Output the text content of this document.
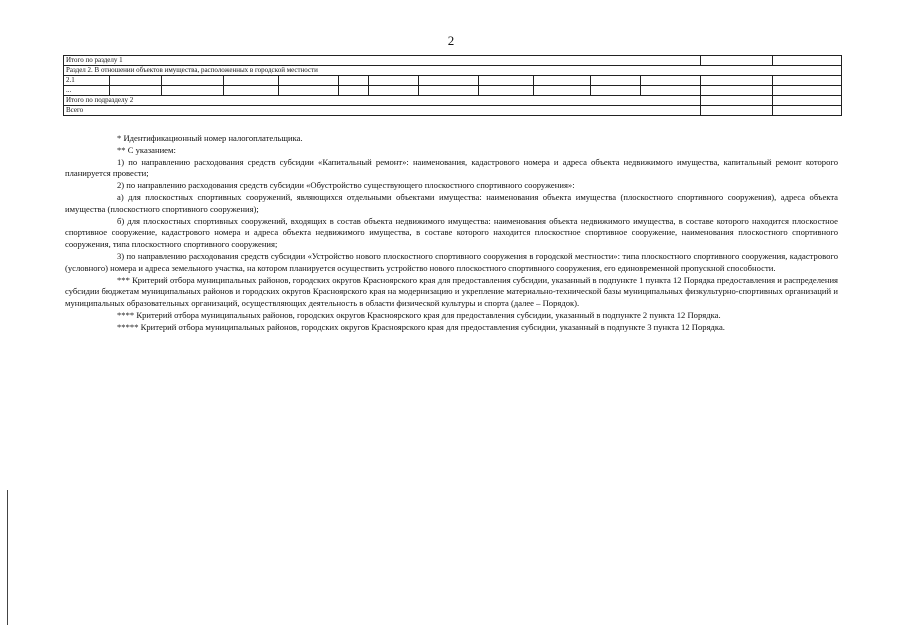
2
Итого по разделу 1													
Раздел 2. В отношении объектов имущества, расположенных в городской местности													
2.1													
...													
Итого по подразделу 2													
Всего													

* Идентификационный номер налогоплательщика.

** С указанием:

1) по направлению расходования средств субсидии «Капитальный ремонт»: наименования, кадастрового номера и адреса объекта недвижимого имущества, капитальный ремонт которого планируется провести;

2) по направлению расходования средств субсидии «Обустройство существующего плоскостного спортивного сооружения»:

а) для плоскостных спортивных сооружений, являющихся отдельными объектами имущества: наименования объекта имущества (плоскостного спортивного сооружения), адреса объекта имущества (плоскостного спортивного сооружения);

б) для плоскостных спортивных сооружений, входящих в состав объекта недвижимого имущества: наименования объекта недвижимого имущества, в составе которого находится плоскостное спортивное сооружение, кадастрового номера и адреса объекта недвижимого имущества, в составе которого находится плоскостное спортивное сооружение, наименования плоскостного спортивного сооружения, типа плоскостного спортивного сооружения;

3) по направлению расходования средств субсидии «Устройство нового плоскостного спортивного сооружения в городской местности»: типа плоскостного спортивного сооружения, кадастрового (условного) номера и адреса земельного участка, на котором планируется осуществить устройство нового плоскостного спортивного сооружения, его единовременной пропускной способности.

*** Критерий отбора муниципальных районов, городских округов Красноярского края для предоставления субсидии, указанный в подпункте 1 пункта 12 Порядка предоставления и распределения субсидии бюджетам муниципальных районов и городских округов Красноярского края на модернизацию и укрепление материально-технической базы муниципальных физкультурно-спортивных организаций и муниципальных образовательных организаций, осуществляющих деятельность в области физической культуры и спорта (далее – Порядок).

**** Критерий отбора муниципальных районов, городских округов Красноярского края для предоставления субсидии, указанный в подпункте 2 пункта 12 Порядка.

***** Критерий отбора муниципальных районов, городских округов Красноярского края для предоставления субсидии, указанный в подпункте 3 пункта 12 Порядка.
